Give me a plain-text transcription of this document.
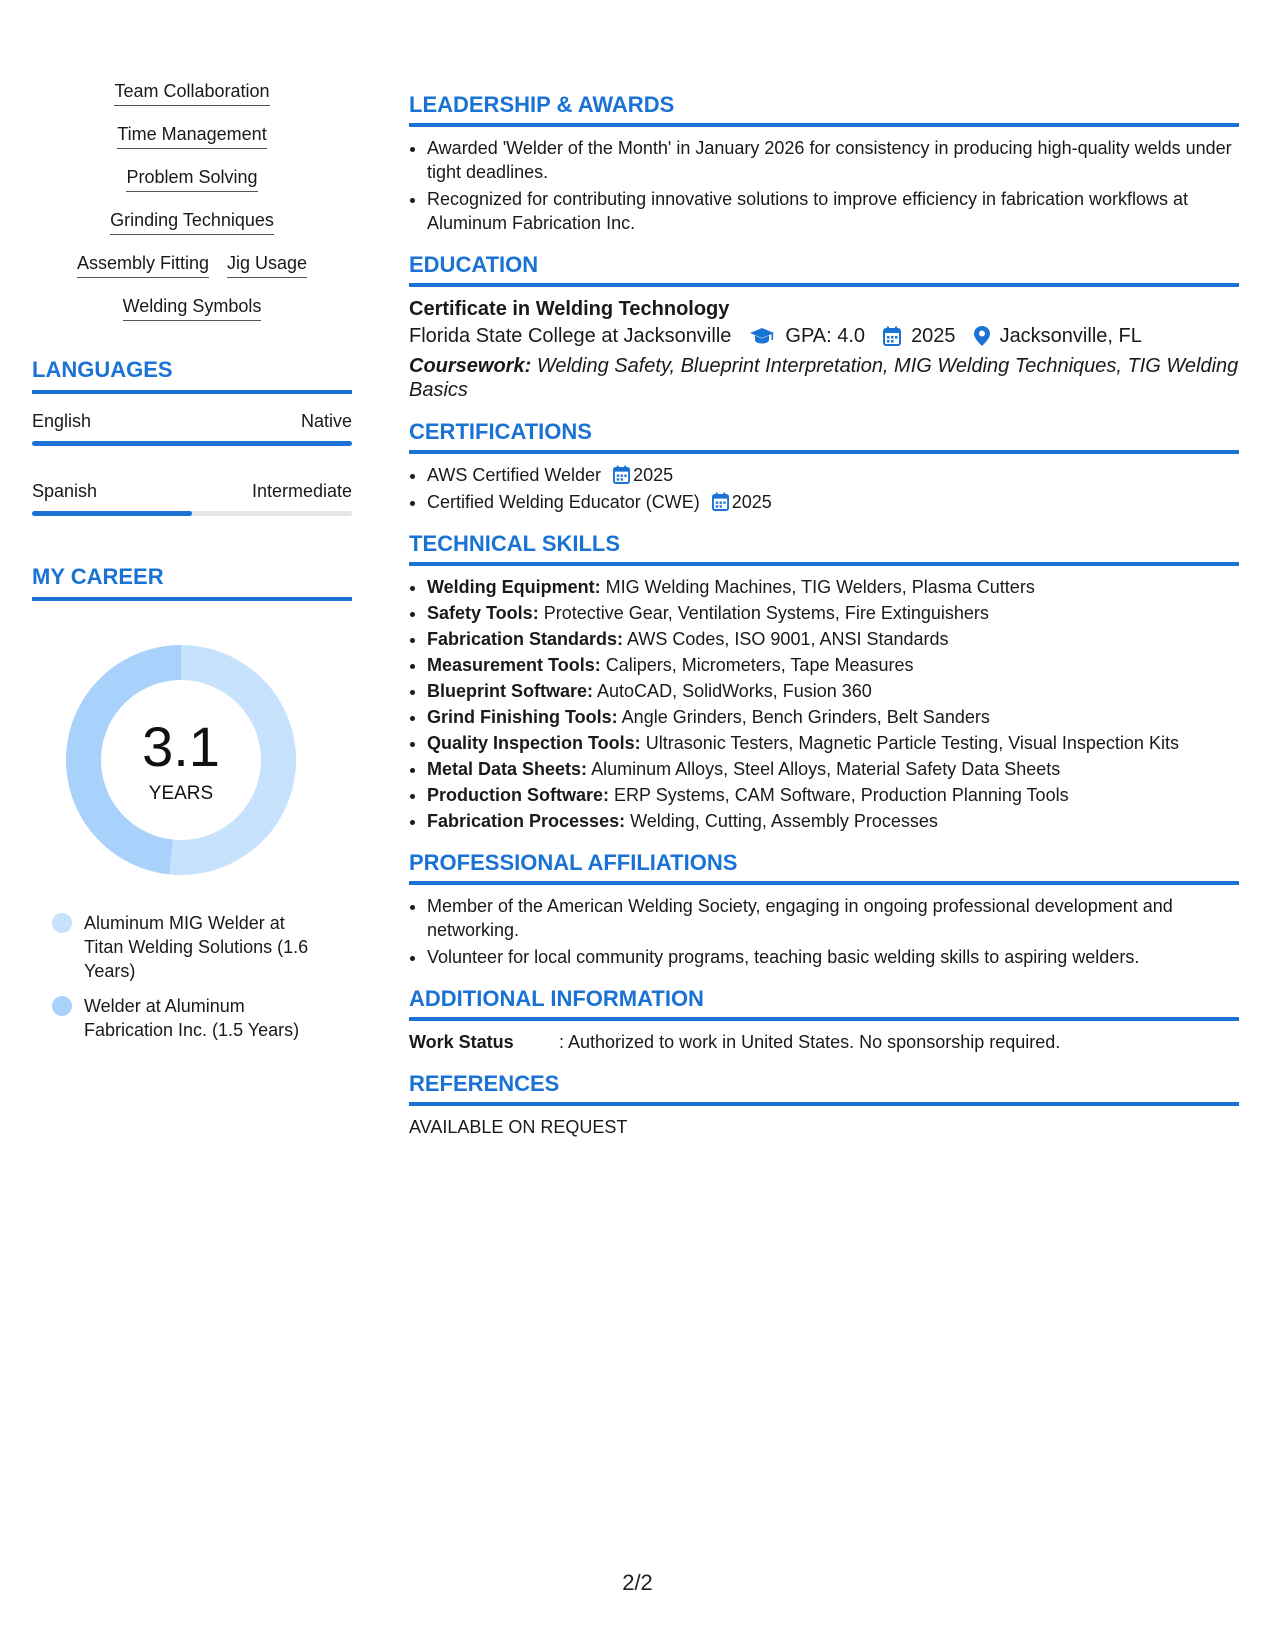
Team Collaboration
Time Management
Problem Solving
Grinding Techniques
Assembly Fitting Jig Usage
Welding Symbols
LANGUAGES
English	Native
Spanish	Intermediate
MY CAREER
3.1
YEARS
Aluminum MIG Welder at Titan Welding Solutions (1.6 Years)
Welder at Aluminum Fabrication Inc. (1.5 Years)
LEADERSHIP & AWARDS
• Awarded 'Welder of the Month' in January 2026 for consistency in producing high-quality welds under tight deadlines.
• Recognized for contributing innovative solutions to improve efficiency in fabrication workflows at Aluminum Fabrication Inc.
EDUCATION
Certificate in Welding Technology
Florida State College at Jacksonville	GPA: 4.0 2025 Jacksonville, FL
Coursework: Welding Safety, Blueprint Interpretation, MIG Welding Techniques, TIG Welding Basics
CERTIFICATIONS
• AWS Certified Welder 2025
• Certified Welding Educator (CWE) 2025
TECHNICAL SKILLS
• Welding Equipment: MIG Welding Machines, TIG Welders, Plasma Cutters
• Safety Tools: Protective Gear, Ventilation Systems, Fire Extinguishers
• Fabrication Standards: AWS Codes, ISO 9001, ANSI Standards
• Measurement Tools: Calipers, Micrometers, Tape Measures
• Blueprint Software: AutoCAD, SolidWorks, Fusion 360
• Grind Finishing Tools: Angle Grinders, Bench Grinders, Belt Sanders
• Quality Inspection Tools: Ultrasonic Testers, Magnetic Particle Testing, Visual Inspection Kits
• Metal Data Sheets: Aluminum Alloys, Steel Alloys, Material Safety Data Sheets
• Production Software: ERP Systems, CAM Software, Production Planning Tools
• Fabrication Processes: Welding, Cutting, Assembly Processes
PROFESSIONAL AFFILIATIONS
• Member of the American Welding Society, engaging in ongoing professional development and networking.
• Volunteer for local community programs, teaching basic welding skills to aspiring welders.
ADDITIONAL INFORMATION
Work Status	: Authorized to work in United States. No sponsorship required.
REFERENCES
AVAILABLE ON REQUEST
2/2
